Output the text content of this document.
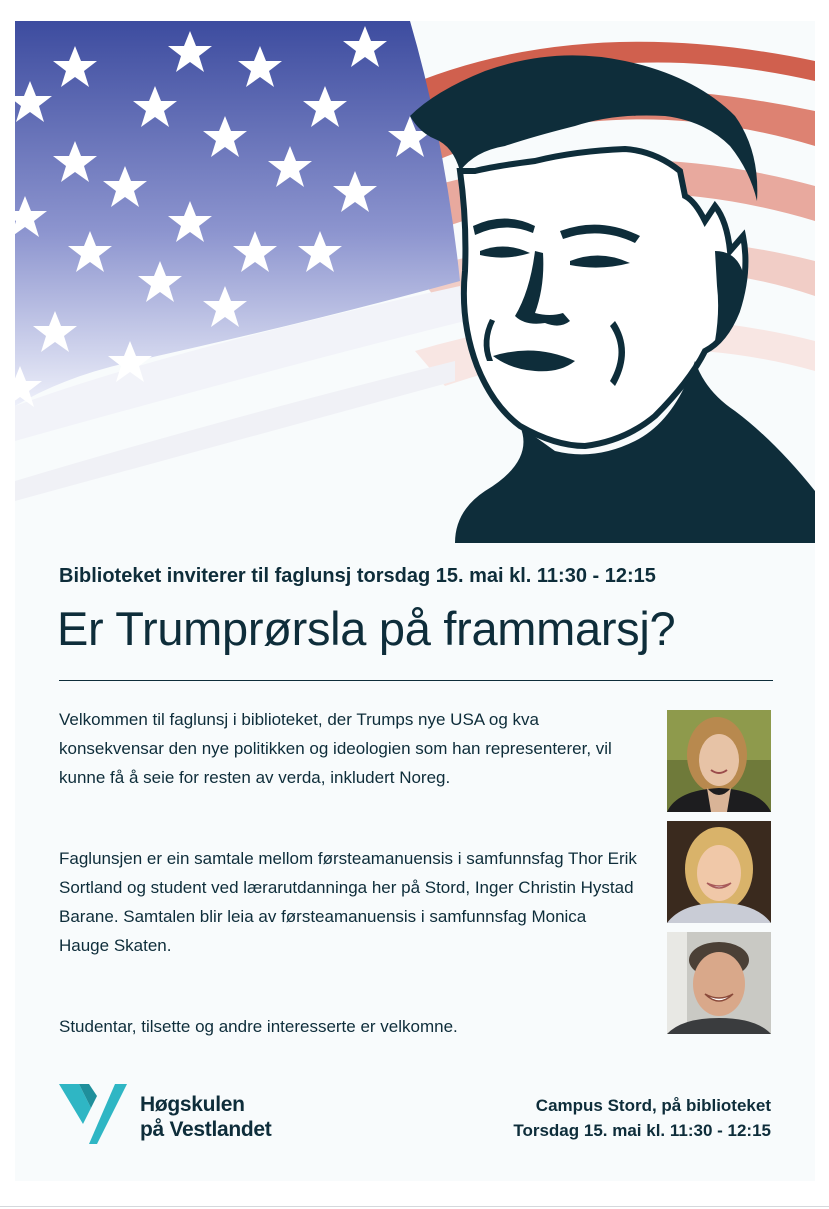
Biblioteket inviterer til faglunsj torsdag 15. mai kl. 11:30 - 12:15
Er Trumprørsla på frammarsj?
Velkommen til faglunsj i biblioteket, der Trumps nye USA og kva konsekvensar den nye politikken og ideologien som han representerer, vil kunne få å seie for resten av verda, inkludert Noreg.
Faglunsjen er ein samtale mellom førsteamanuensis i samfunnsfag Thor Erik Sortland og student ved lærarutdanninga her på Stord, Inger Christin Hystad Barane. Samtalen blir leia av førsteamanuensis i samfunnsfag Monica Hauge Skaten.
Studentar, tilsette og andre interesserte er velkomne.
Høgskulen
på Vestlandet
Campus Stord, på biblioteket
Torsdag 15. mai kl. 11:30 - 12:15
